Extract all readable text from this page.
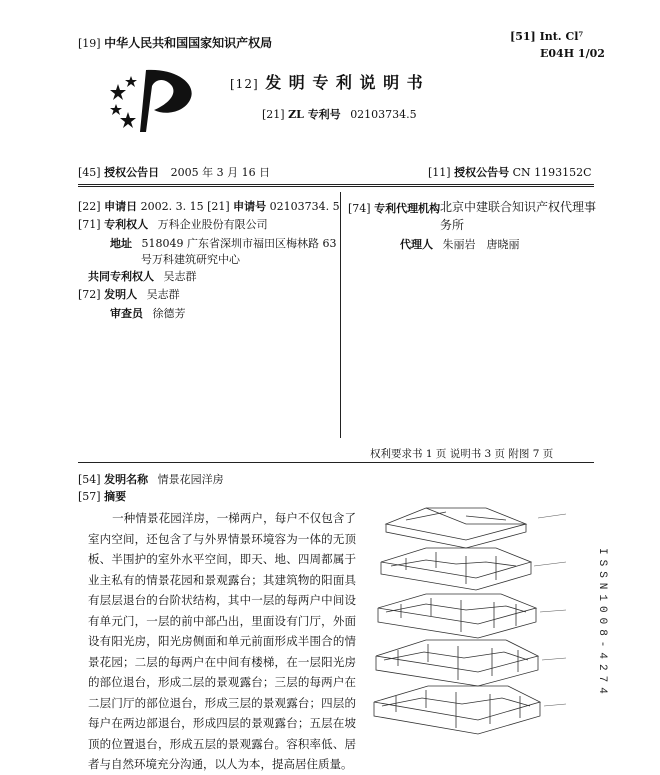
[19] 中华人民共和国国家知识产权局	[51] Int. Cl⁷
E04H 1/02
[12] 发 明 专 利 说 明 书
[21] ZL 专利号 02103734.5
[45] 授权公告日 2005 年 3 月 16 日	[11] 授权公告号 CN 1193152C
[22] 申请日 2002. 3. 15 [21] 申请号 02103734. 5
[71] 专利权人 万科企业股份有限公司
地址 518049 广东省深圳市福田区梅林路 63
号万科建筑研究中心
共同专利权人 吴志群
[72] 发明人 吴志群
审查员 徐德芳
[74] 专利代理机构 北京中建联合知识产权代理事
务所
代理人 朱丽岩　唐晓丽
权利要求书 1 页 说明书 3 页 附图 7 页
[54] 发明名称 情景花园洋房
[57] 摘要
一种情景花园洋房，一梯两户，每户不仅包含了室内空间，还包含了与外界情景环境容为一体的无顶板、半围护的室外水平空间，即天、地、四周都属于业主私有的情景花园和景观露台；其建筑物的阳面具有层层退台的台阶状结构，其中一层的每两户中间设有单元门，一层的前中部凸出，里面设有门厅，外面设有阳光房，阳光房侧面和单元前面形成半围合的情景花园；二层的每两户在中间有楼梯，在一层阳光房的部位退台，形成二层的景观露台；三层的每两户在二层门厅的部位退台，形成三层的景观露台；四层的每户在两边部退台，形成四层的景观露台；五层在坡顶的位置退台，形成五层的景观露台。容积率低、居者与自然环境充分沟通，以人为本，提高居住质量。
ISSN1008-4274
